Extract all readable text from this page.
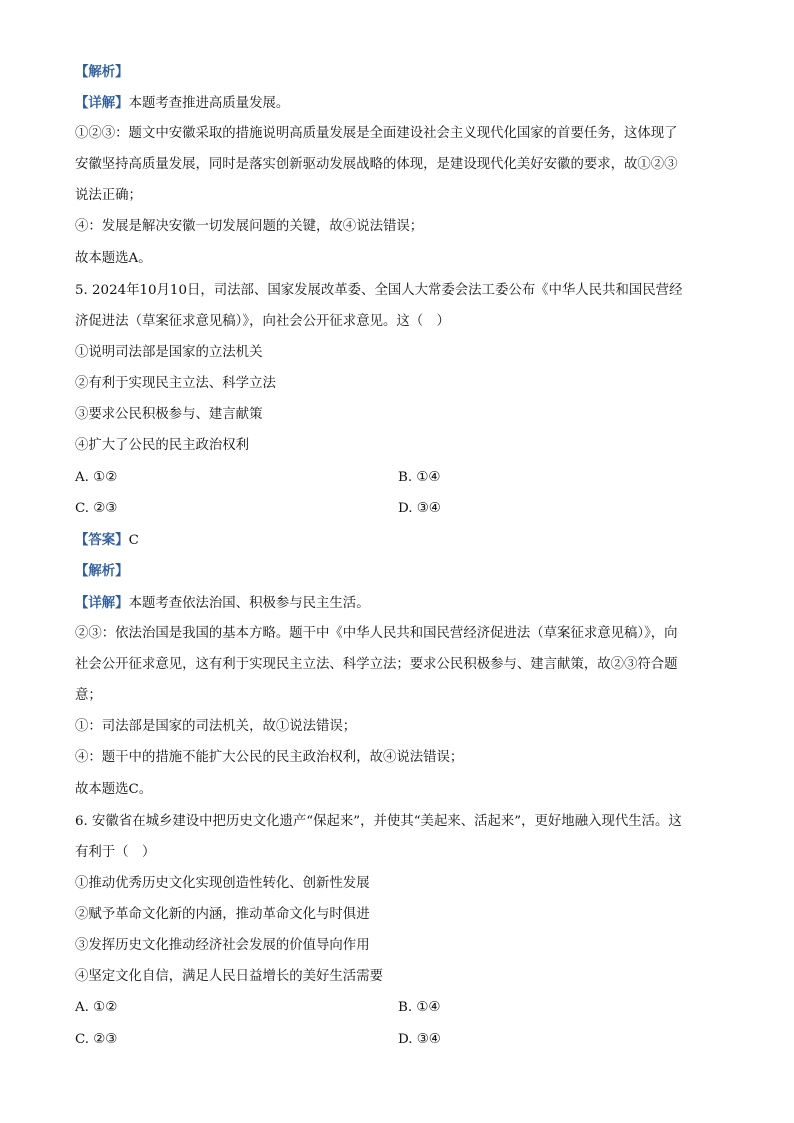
【解析】
【详解】本题考查推进高质量发展。
①②③：题文中安徽采取的措施说明高质量发展是全面建设社会主义现代化国家的首要任务，这体现了
安徽坚持高质量发展，同时是落实创新驱动发展战略的体现，是建设现代化美好安徽的要求，故①②③
说法正确；
④：发展是解决安徽一切发展问题的关键，故④说法错误；
故本题选A。
5. 2024年10月10日，司法部、国家发展改革委、全国人大常委会法工委公布《中华人民共和国民营经
济促进法（草案征求意见稿）》，向社会公开征求意见。这（　）
①说明司法部是国家的立法机关
②有利于实现民主立法、科学立法
③要求公民积极参与、建言献策
④扩大了公民的民主政治权利
A. ①②	B. ①④
C. ②③	D. ③④
【答案】C
【解析】
【详解】本题考查依法治国、积极参与民主生活。
②③：依法治国是我国的基本方略。题干中《中华人民共和国民营经济促进法（草案征求意见稿）》，向
社会公开征求意见，这有利于实现民主立法、科学立法；要求公民积极参与、建言献策，故②③符合题
意；
①：司法部是国家的司法机关，故①说法错误；
④：题干中的措施不能扩大公民的民主政治权利，故④说法错误；
故本题选C。
6. 安徽省在城乡建设中把历史文化遗产“保起来”，并使其“美起来、活起来”，更好地融入现代生活。这
有利于（　）
①推动优秀历史文化实现创造性转化、创新性发展
②赋予革命文化新的内涵，推动革命文化与时俱进
③发挥历史文化推动经济社会发展的价值导向作用
④坚定文化自信，满足人民日益增长的美好生活需要
A. ①②	B. ①④
C. ②③	D. ③④
